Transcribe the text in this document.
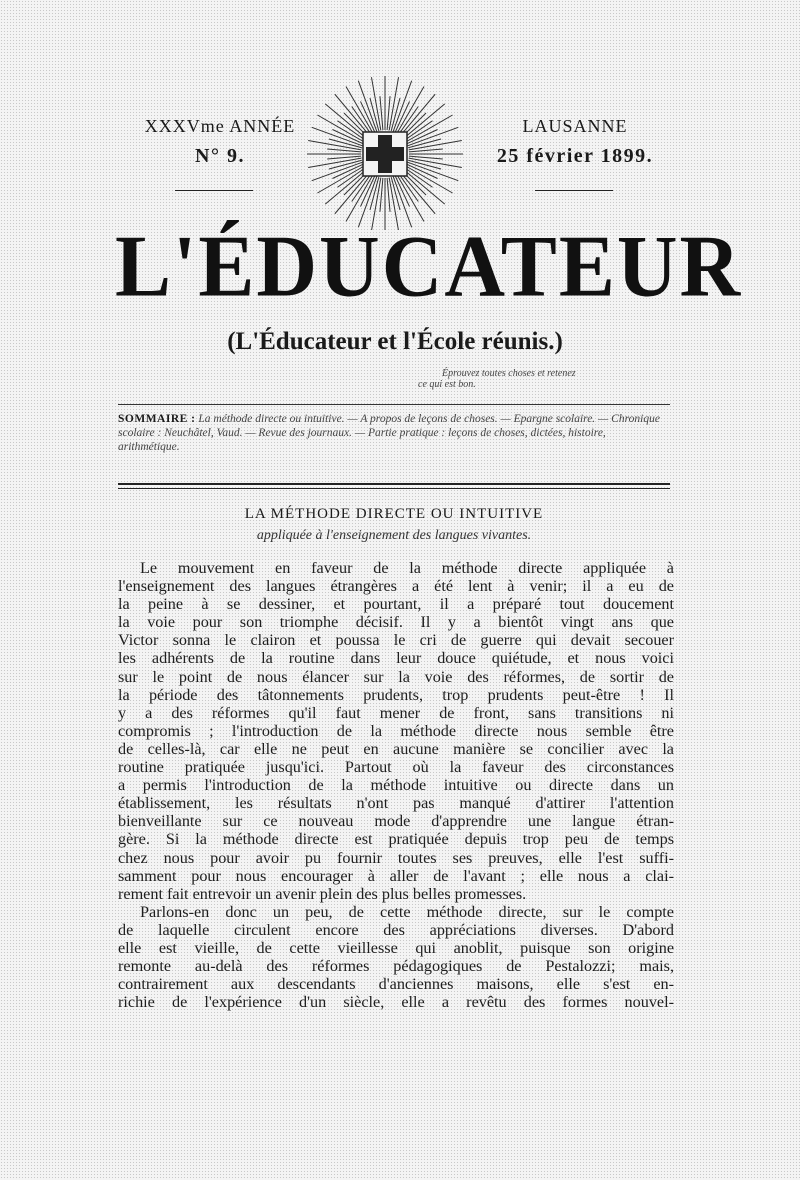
XXXVme ANNÉE
N° 9.
LAUSANNE
25 février 1899.
L'ÉDUCATEUR
(L'Éducateur et l'École réunis.)
Éprouvez toutes choses et retenez
ce qui est bon.
SOMMAIRE : La méthode directe ou intuitive. — A propos de leçons de choses. — Epargne scolaire. — Chronique scolaire : Neuchâtel, Vaud. — Revue des journaux. — Partie pratique : leçons de choses, dictées, histoire, arithmétique.
LA MÉTHODE DIRECTE OU INTUITIVE
appliquée à l'enseignement des langues vivantes.
Le mouvement en faveur de la méthode directe appliquée à
l'enseignement des langues étrangères a été lent à venir; il a eu de
la peine à se dessiner, et pourtant, il a préparé tout doucement
la voie pour son triomphe décisif. Il y a bientôt vingt ans que
Victor sonna le clairon et poussa le cri de guerre qui devait secouer
les adhérents de la routine dans leur douce quiétude, et nous voici
sur le point de nous élancer sur la voie des réformes, de sortir de
la période des tâtonnements prudents, trop prudents peut-être ! Il
y a des réformes qu'il faut mener de front, sans transitions ni
compromis ; l'introduction de la méthode directe nous semble être
de celles-là, car elle ne peut en aucune manière se concilier avec la
routine pratiquée jusqu'ici. Partout où la faveur des circonstances
a permis l'introduction de la méthode intuitive ou directe dans un
établissement, les résultats n'ont pas manqué d'attirer l'attention
bienveillante sur ce nouveau mode d'apprendre une langue étran-
gère. Si la méthode directe est pratiquée depuis trop peu de temps
chez nous pour avoir pu fournir toutes ses preuves, elle l'est suffi-
samment pour nous encourager à aller de l'avant ; elle nous a clai-
rement fait entrevoir un avenir plein des plus belles promesses.
Parlons-en donc un peu, de cette méthode directe, sur le compte
de laquelle circulent encore des appréciations diverses. D'abord
elle est vieille, de cette vieillesse qui anoblit, puisque son origine
remonte au-delà des réformes pédagogiques de Pestalozzi; mais,
contrairement aux descendants d'anciennes maisons, elle s'est en-
richie de l'expérience d'un siècle, elle a revêtu des formes nouvel-
